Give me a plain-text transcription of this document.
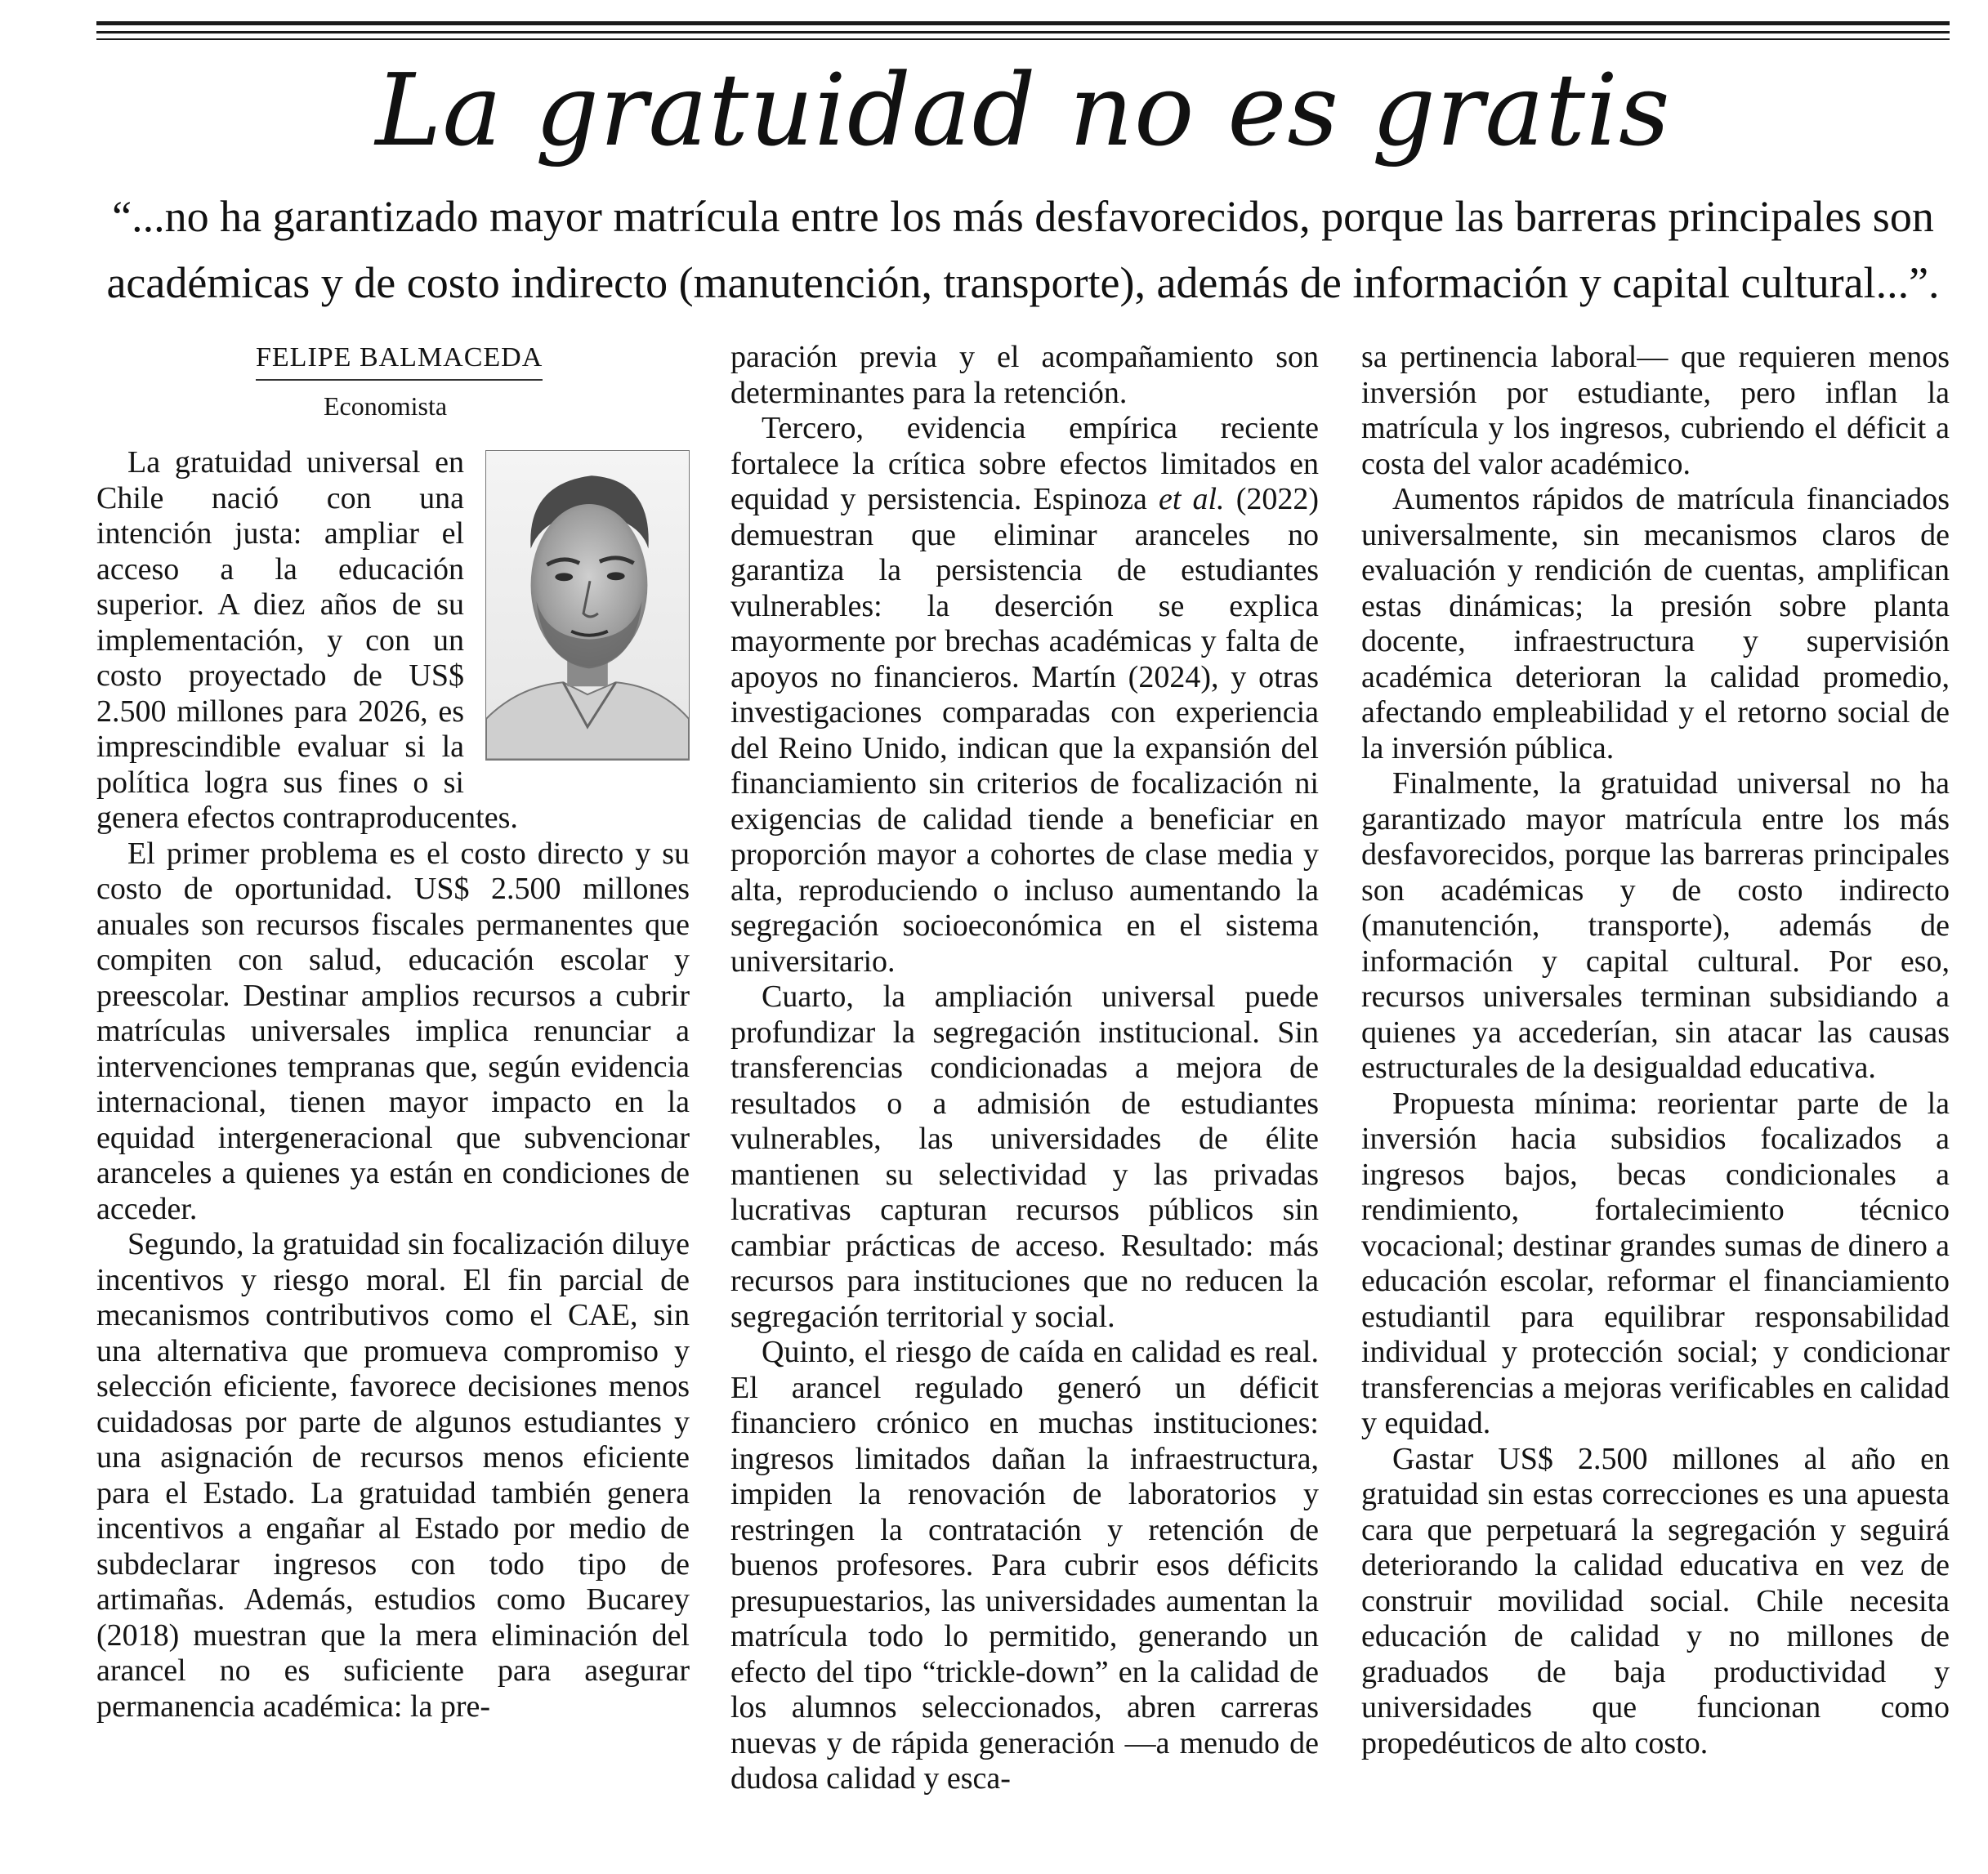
La gratuidad no es gratis
“...no ha garantizado mayor matrícula entre los más desfavorecidos, porque las barreras principales son
académicas y de costo indirecto (manutención, transporte), además de información y capital cultural...”.
FELIPE BALMACEDA
Economista

La gratuidad universal en Chile nació con una intención justa: ampliar el acceso a la educación superior. A diez años de su implementación, y con un costo proyectado de US$ 2.500 millones para 2026, es imprescindible evaluar si la política logra sus fines o si genera efectos contraproducentes.

El primer problema es el costo directo y su costo de oportunidad. US$ 2.500 millones anuales son recursos fiscales permanentes que compiten con salud, educación escolar y preescolar. Destinar amplios recursos a cubrir matrículas universales implica renunciar a intervenciones tempranas que, según evidencia internacional, tienen mayor impacto en la equidad intergeneracional que subvencionar aranceles a quienes ya están en condiciones de acceder.

Segundo, la gratuidad sin focalización diluye incentivos y riesgo moral. El fin parcial de mecanismos contributivos como el CAE, sin una alternativa que promueva compromiso y selección eficiente, favorece decisiones menos cuidadosas por parte de algunos estudiantes y una asignación de recursos menos eficiente para el Estado. La gratuidad también genera incentivos a engañar al Estado por medio de subdeclarar ingresos con todo tipo de artimañas. Además, estudios como Bucarey (2018) muestran que la mera eliminación del arancel no es suficiente para asegurar permanencia académica: la pre-

paración previa y el acompañamiento son determinantes para la retención.

Tercero, evidencia empírica reciente fortalece la crítica sobre efectos limitados en equidad y persistencia. Espinoza et al. (2022) demuestran que eliminar aranceles no garantiza la persistencia de estudiantes vulnerables: la deserción se explica mayormente por brechas académicas y falta de apoyos no financieros. Martín (2024), y otras investigaciones comparadas con experiencia del Reino Unido, indican que la expansión del financiamiento sin criterios de focalización ni exigencias de calidad tiende a beneficiar en proporción mayor a cohortes de clase media y alta, reproduciendo o incluso aumentando la segregación socioeconómica en el sistema universitario.

Cuarto, la ampliación universal puede profundizar la segregación institucional. Sin transferencias condicionadas a mejora de resultados o a admisión de estudiantes vulnerables, las universidades de élite mantienen su selectividad y las privadas lucrativas capturan recursos públicos sin cambiar prácticas de acceso. Resultado: más recursos para instituciones que no reducen la segregación territorial y social.

Quinto, el riesgo de caída en calidad es real. El arancel regulado generó un déficit financiero crónico en muchas instituciones: ingresos limitados dañan la infraestructura, impiden la renovación de laboratorios y restringen la contratación y retención de buenos profesores. Para cubrir esos déficits presupuestarios, las universidades aumentan la matrícula todo lo permitido, generando un efecto del tipo “trickle-down” en la calidad de los alumnos seleccionados, abren carreras nuevas y de rápida generación —a menudo de dudosa calidad y esca-

sa pertinencia laboral— que requieren menos inversión por estudiante, pero inflan la matrícula y los ingresos, cubriendo el déficit a costa del valor académico.

Aumentos rápidos de matrícula financiados universalmente, sin mecanismos claros de evaluación y rendición de cuentas, amplifican estas dinámicas; la presión sobre planta docente, infraestructura y supervisión académica deterioran la calidad promedio, afectando empleabilidad y el retorno social de la inversión pública.

Finalmente, la gratuidad universal no ha garantizado mayor matrícula entre los más desfavorecidos, porque las barreras principales son académicas y de costo indirecto (manutención, transporte), además de información y capital cultural. Por eso, recursos universales terminan subsidiando a quienes ya accederían, sin atacar las causas estructurales de la desigualdad educativa.

Propuesta mínima: reorientar parte de la inversión hacia subsidios focalizados a ingresos bajos, becas condicionales a rendimiento, fortalecimiento técnico vocacional; destinar grandes sumas de dinero a educación escolar, reformar el financiamiento estudiantil para equilibrar responsabilidad individual y protección social; y condicionar transferencias a mejoras verificables en calidad y equidad.

Gastar US$ 2.500 millones al año en gratuidad sin estas correcciones es una apuesta cara que perpetuará la segregación y seguirá deteriorando la calidad educativa en vez de construir movilidad social. Chile necesita educación de calidad y no millones de graduados de baja productividad y universidades que funcionan como propedéuticos de alto costo.
